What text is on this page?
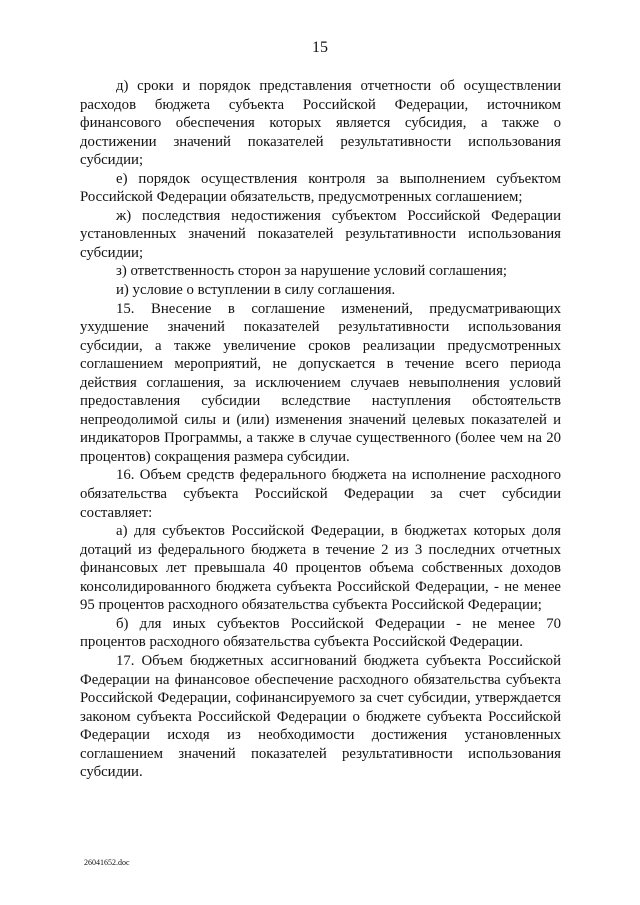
15

д) сроки и порядок представления отчетности об осуществлении расходов бюджета субъекта Российской Федерации, источником финансового обеспечения которых является субсидия, а также о достижении значений показателей результативности использования субсидии;

е) порядок осуществления контроля за выполнением субъектом Российской Федерации обязательств, предусмотренных соглашением;

ж) последствия недостижения субъектом Российской Федерации установленных значений показателей результативности использования субсидии;

з) ответственность сторон за нарушение условий соглашения;

и) условие о вступлении в силу соглашения.

15. Внесение в соглашение изменений, предусматривающих ухудшение значений показателей результативности использования субсидии, а также увеличение сроков реализации предусмотренных соглашением мероприятий, не допускается в течение всего периода действия соглашения, за исключением случаев невыполнения условий предоставления субсидии вследствие наступления обстоятельств непреодолимой силы и (или) изменения значений целевых показателей и индикаторов Программы, а также в случае существенного (более чем на 20 процентов) сокращения размера субсидии.

16. Объем средств федерального бюджета на исполнение расходного обязательства субъекта Российской Федерации за счет субсидии составляет:

а) для субъектов Российской Федерации, в бюджетах которых доля дотаций из федерального бюджета в течение 2 из 3 последних отчетных финансовых лет превышала 40 процентов объема собственных доходов консолидированного бюджета субъекта Российской Федерации, - не менее 95 процентов расходного обязательства субъекта Российской Федерации;

б) для иных субъектов Российской Федерации - не менее 70 процентов расходного обязательства субъекта Российской Федерации.

17. Объем бюджетных ассигнований бюджета субъекта Российской Федерации на финансовое обеспечение расходного обязательства субъекта Российской Федерации, софинансируемого за счет субсидии, утверждается законом субъекта Российской Федерации о бюджете субъекта Российской Федерации исходя из необходимости достижения установленных соглашением значений показателей результативности использования субсидии.

26041652.doc
